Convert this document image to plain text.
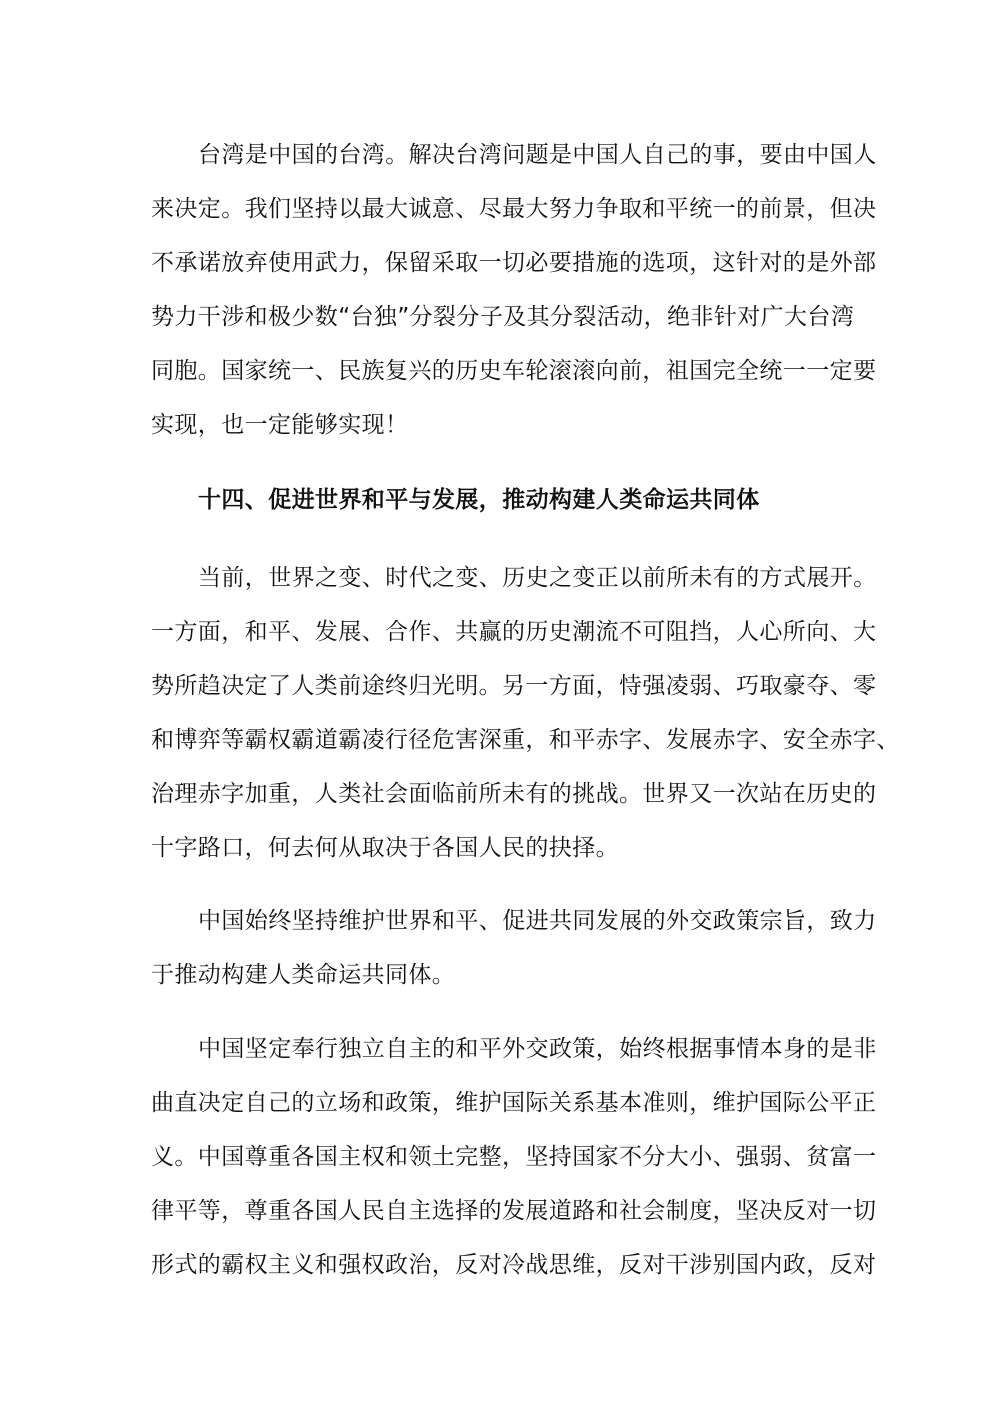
台湾是中国的台湾。解决台湾问题是中国人自己的事，要由中国人
来决定。我们坚持以最大诚意、尽最大努力争取和平统一的前景，但决
不承诺放弃使用武力，保留采取一切必要措施的选项，这针对的是外部
势力干涉和极少数“台独”分裂分子及其分裂活动，绝非针对广大台湾
同胞。国家统一、民族复兴的历史车轮滚滚向前，祖国完全统一一定要
实现，也一定能够实现！
十四、促进世界和平与发展，推动构建人类命运共同体
当前，世界之变、时代之变、历史之变正以前所未有的方式展开。
一方面，和平、发展、合作、共赢的历史潮流不可阻挡，人心所向、大
势所趋决定了人类前途终归光明。另一方面，恃强凌弱、巧取豪夺、零
和博弈等霸权霸道霸凌行径危害深重，和平赤字、发展赤字、安全赤字、
治理赤字加重，人类社会面临前所未有的挑战。世界又一次站在历史的
十字路口，何去何从取决于各国人民的抉择。
中国始终坚持维护世界和平、促进共同发展的外交政策宗旨，致力
于推动构建人类命运共同体。
中国坚定奉行独立自主的和平外交政策，始终根据事情本身的是非
曲直决定自己的立场和政策，维护国际关系基本准则，维护国际公平正
义。中国尊重各国主权和领土完整，坚持国家不分大小、强弱、贫富一
律平等，尊重各国人民自主选择的发展道路和社会制度，坚决反对一切
形式的霸权主义和强权政治，反对冷战思维，反对干涉别国内政，反对
